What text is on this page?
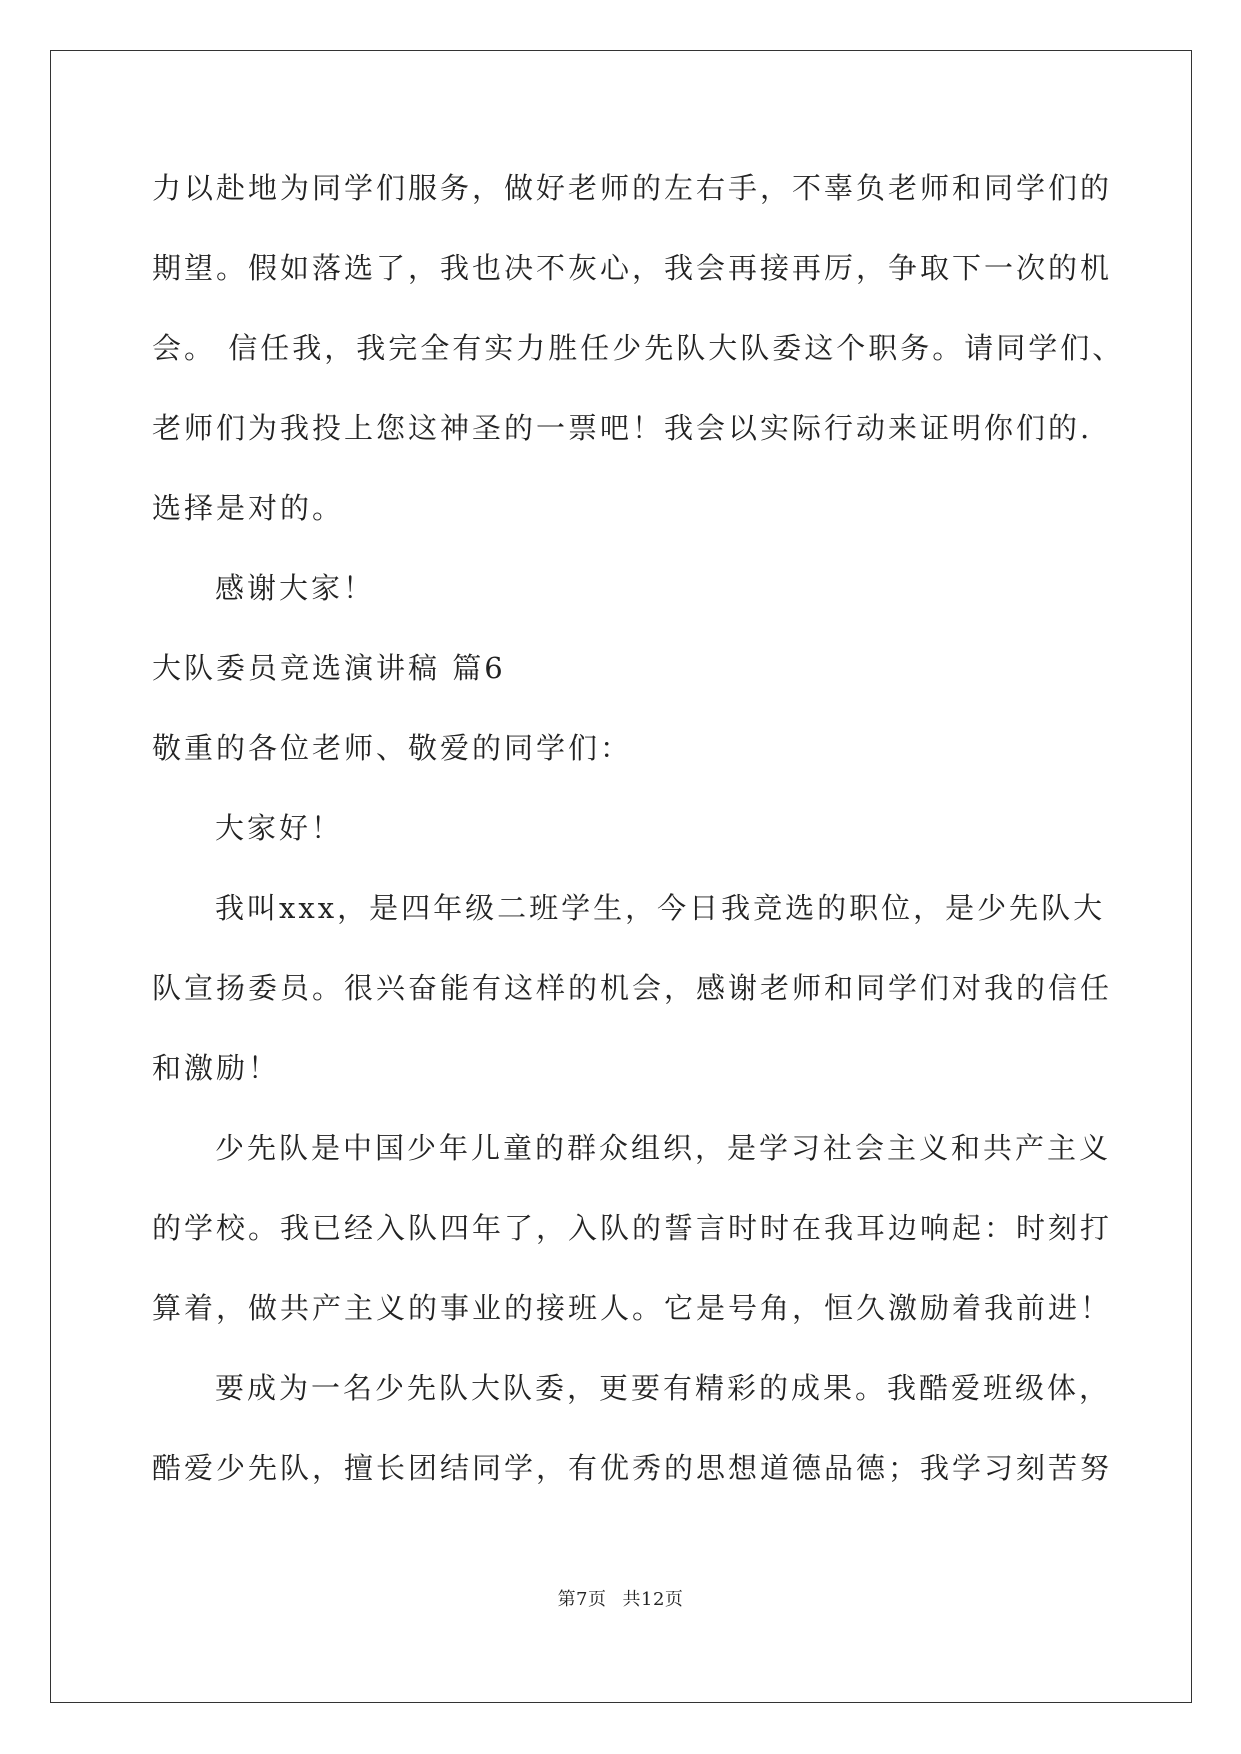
力以赴地为同学们服务，做好老师的左右手，不辜负老师和同学们的

期望。假如落选了，我也决不灰心，我会再接再厉，争取下一次的机

会。 信任我，我完全有实力胜任少先队大队委这个职务。请同学们、

老师们为我投上您这神圣的一票吧！我会以实际行动来证明你们的.

选择是对的。

感谢大家！

大队委员竞选演讲稿 篇6

敬重的各位老师、敬爱的同学们：

大家好！

我叫xxx，是四年级二班学生，今日我竞选的职位，是少先队大

队宣扬委员。很兴奋能有这样的机会，感谢老师和同学们对我的信任

和激励！

少先队是中国少年儿童的群众组织，是学习社会主义和共产主义

的学校。我已经入队四年了，入队的誓言时时在我耳边响起：时刻打

算着，做共产主义的事业的接班人。它是号角，恒久激励着我前进！

要成为一名少先队大队委，更要有精彩的成果。我酷爱班级体，

酷爱少先队，擅长团结同学，有优秀的思想道德品德；我学习刻苦努

第7页 共12页
